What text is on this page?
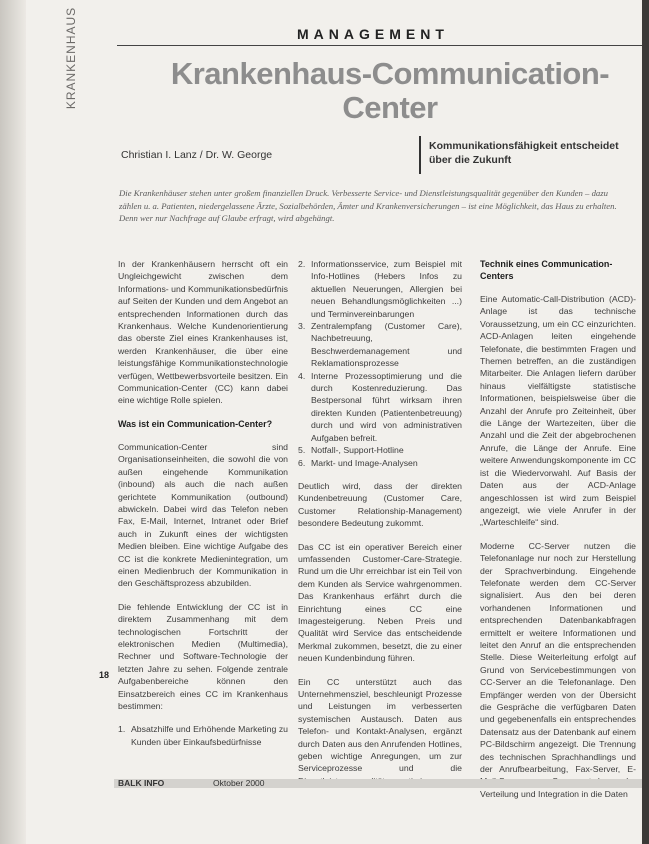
KRANKENHAUS	MANAGEMENT
Krankenhaus-Communication-
Center
Christian I. Lanz / Dr. W. George
Kommunikationsfähigkeit entscheidet
über die Zukunft
Die Krankenhäuser stehen unter großem finanziellen Druck. Verbesserte Service- und Dienstleistungsqualität gegenüber den Kunden – dazu zählen u. a. Patienten, niedergelassene Ärzte, Sozialbehörden, Ämter und Krankenversicherungen – ist eine Möglichkeit, das Haus zu erhalten. Denn wer nur Nachfrage auf Glaube erfragt, wird abgehängt.

In der Krankenhäusern herrscht oft ein Ungleichgewicht zwischen dem Informations- und Kommunikationsbedürfnis auf Seiten der Kunden und dem Angebot an entsprechenden Informationen durch das Krankenhaus. Welche Kundenorientierung das oberste Ziel eines Krankenhauses ist, werden Krankenhäuser, die über eine leistungsfähige Kommunikationstechnologie verfügen, Wettbewerbsvorteile besitzen. Ein Communication-Center (CC) kann dabei eine wichtige Rolle spielen.

Was ist ein Communication-Center?

Communication-Center sind Organisationseinheiten, die sowohl die von außen eingehende Kommunikation (inbound) als auch die nach außen gerichtete Kommunikation (outbound) abwickeln. Dabei wird das Telefon neben Fax, E-Mail, Internet, Intranet oder Brief auch in Zukunft eines der wichtigsten Medien bleiben. Eine wichtige Aufgabe des CC ist die konkrete Medienintegration, um einen Medienbruch der Kommunikation in den Geschäftsprozess abzubilden.

Die fehlende Entwicklung der CC ist in direktem Zusammenhang mit dem technologischen Fortschritt der elektronischen Medien (Multimedia), Rechner und Software-Technologie der letzten Jahre zu sehen. Folgende zentrale Aufgabenbereiche können den Einsatzbereich eines CC im Krankenhaus bestimmen:

1. Absatzhilfe und Erhöhende Marketing zu Kunden über Einkaufsbedürfnisse
2. Informationsservice, zum Beispiel mit Info-Hotlines (Hebers Infos zu aktuellen Neuerungen, Allergien bei neuen Behandlungsmöglichkeiten ...) und Terminvereinbarungen
3. Zentralempfang (Customer Care), Nachbetreuung, Beschwerdemanagement und Reklamationsprozesse
4. Interne Prozessoptimierung und die durch Kostenreduzierung. Das Bestpersonal führt wirksam ihren direkten Kunden (Patientenbetreuung) durch und wird von administrativen Aufgaben befreit.
5. Notfall-, Support-Hotline
6. Markt- und Image-Analysen

Deutlich wird, dass der direkten Kundenbetreuung (Customer Care, Customer Relationship-Management) besondere Bedeutung zukommt.

Das CC ist ein operativer Bereich einer umfassenden Customer-Care-Strategie. Rund um die Uhr erreichbar ist ein Teil von dem Kunden als Service wahrgenommen. Das Krankenhaus erfährt durch die Einrichtung eines CC eine Imagesteigerung. Neben Preis und Qualität wird Service das entscheidende Merkmal zukommen, besetzt, die zu einer neuen Kundenbindung führen.

Ein CC unterstützt auch das Unternehmensziel, beschleunigt Prozesse und Leistungen im verbesserten systemischen Austausch. Daten aus Telefon- und Kontakt-Analysen, ergänzt durch Daten aus den Anrufenden Hotlines, geben wichtige Anregungen, um zur Serviceprozesse und die

Technik eines Communication-Centers

Eine Automatic-Call-Distribution (ACD)-Anlage ist das technische Voraussetzung, um ein CC einzurichten. ACD-Anlagen leiten eingehende Telefonate, die bestimmten Fragen und Themen betreffen, an die zuständigen Mitarbeiter. Die Anlagen liefern darüber hinaus vielfältigste statistische Informationen, beispielsweise über die Anzahl der Anrufe pro Zeiteinheit, über die Länge der Wartezeiten, über die Anzahl und die Zeit der abgebrochenen Anrufe, die Länge der Anrufe. Eine weitere Anwendungskomponente im CC ist die Wiedervorwahl. Auf Basis der Daten aus der ACD-Anlage angeschlossen ist wird zum Beispiel angezeigt, wie viele Anrufer in der „Warteschleife“ sind.

Moderne CC-Server nutzen die Telefonanlage nur noch zur Herstellung der Sprachverbindung. Eingehende Telefonate werden dem CC-Server signalisiert. Aus den bei deren vorhandenen Informationen und entsprechenden Datenbankabfragen ermittelt er weitere Informationen und leitet den Anruf an die entsprechenden Stelle. Diese Weiterleitung erfolgt auf Grund von Servicebestimmungen von CC-Server an die Telefonanlage. Den Empfänger werden von der Übersicht die Gespräche die verfügbaren Daten und gegebenenfalls ein entsprechendes Datensatz aus der Datenbank auf einem PC-Bildschirm angezeigt. Die Trennung des technischen Sprachhandlings und der Anrufbearbeitung, Fax-Server, E- Verteilung und Integration in die Daten

18
BALK INFO	Oktober 2000
